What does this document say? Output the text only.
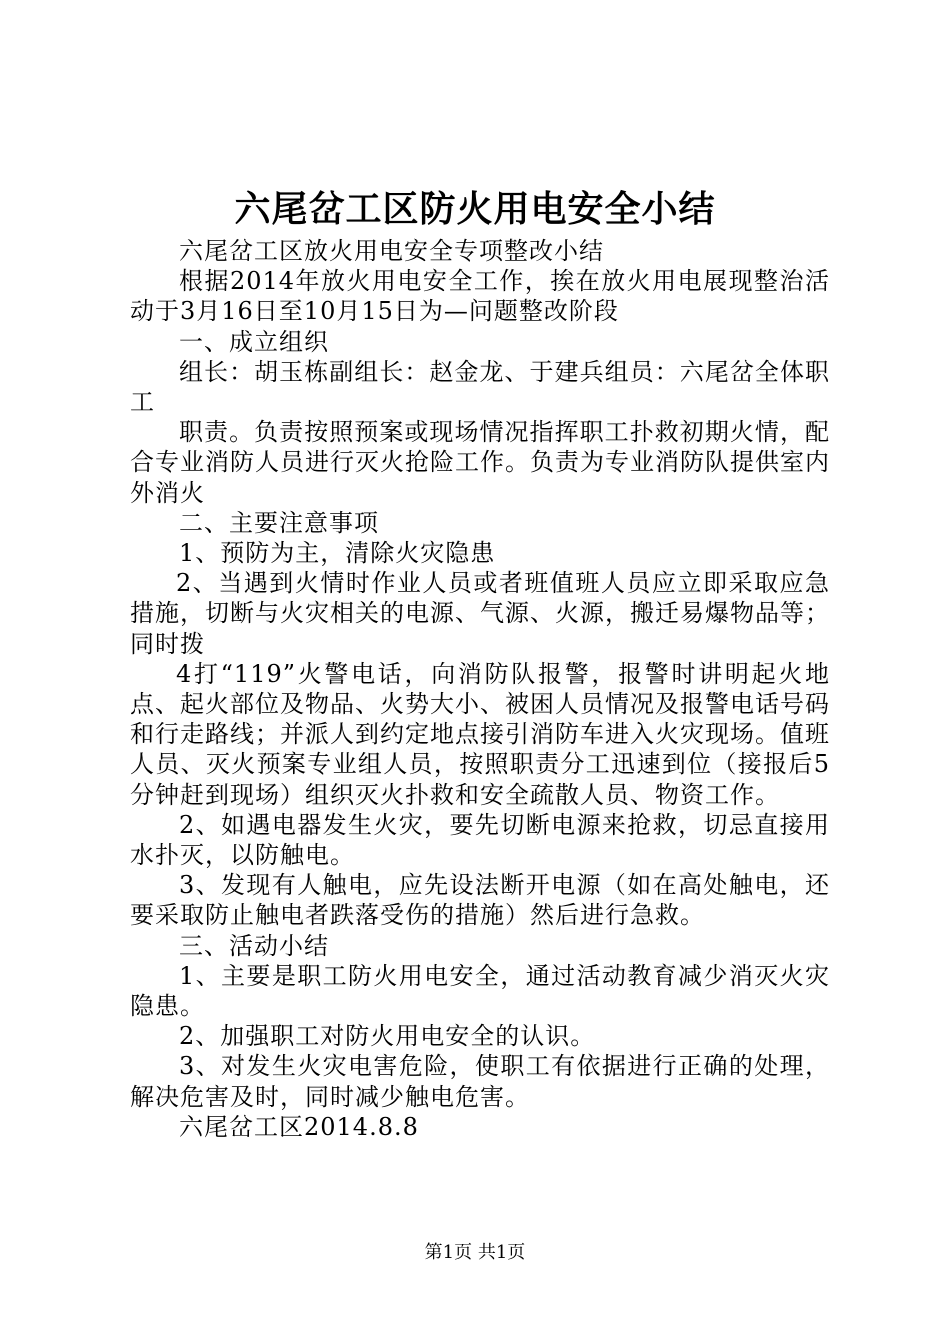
六尾岔工区防火用电安全小结

六尾岔工区放火用电安全专项整改小结

根据2014年放火用电安全工作，挨在放火用电展现整治活动于3月16日至10月15日为—问题整改阶段

一、成立组织

组长：胡玉栋副组长：赵金龙、于建兵组员：六尾岔全体职工

职责。负责按照预案或现场情况指挥职工扑救初期火情，配合专业消防人员进行灭火抢险工作。负责为专业消防队提供室内外消火

二、主要注意事项

1、预防为主，清除火灾隐患

2、当遇到火情时作业人员或者班值班人员应立即采取应急措施，切断与火灾相关的电源、气源、火源，搬迁易爆物品等；同时拨

4打“119”火警电话，向消防队报警，报警时讲明起火地点、起火部位及物品、火势大小、被困人员情况及报警电话号码和行走路线；并派人到约定地点接引消防车进入火灾现场。值班人员、灭火预案专业组人员，按照职责分工迅速到位（接报后5分钟赶到现场）组织灭火扑救和安全疏散人员、物资工作。

2、如遇电器发生火灾，要先切断电源来抢救，切忌直接用水扑灭，以防触电。

3、发现有人触电，应先设法断开电源（如在高处触电，还要采取防止触电者跌落受伤的措施）然后进行急救。

三、活动小结

1、主要是职工防火用电安全，通过活动教育减少消灭火灾隐患。

2、加强职工对防火用电安全的认识。

3、对发生火灾电害危险，使职工有依据进行正确的处理，解决危害及时，同时减少触电危害。

六尾岔工区2014.8.8

第1页 共1页
